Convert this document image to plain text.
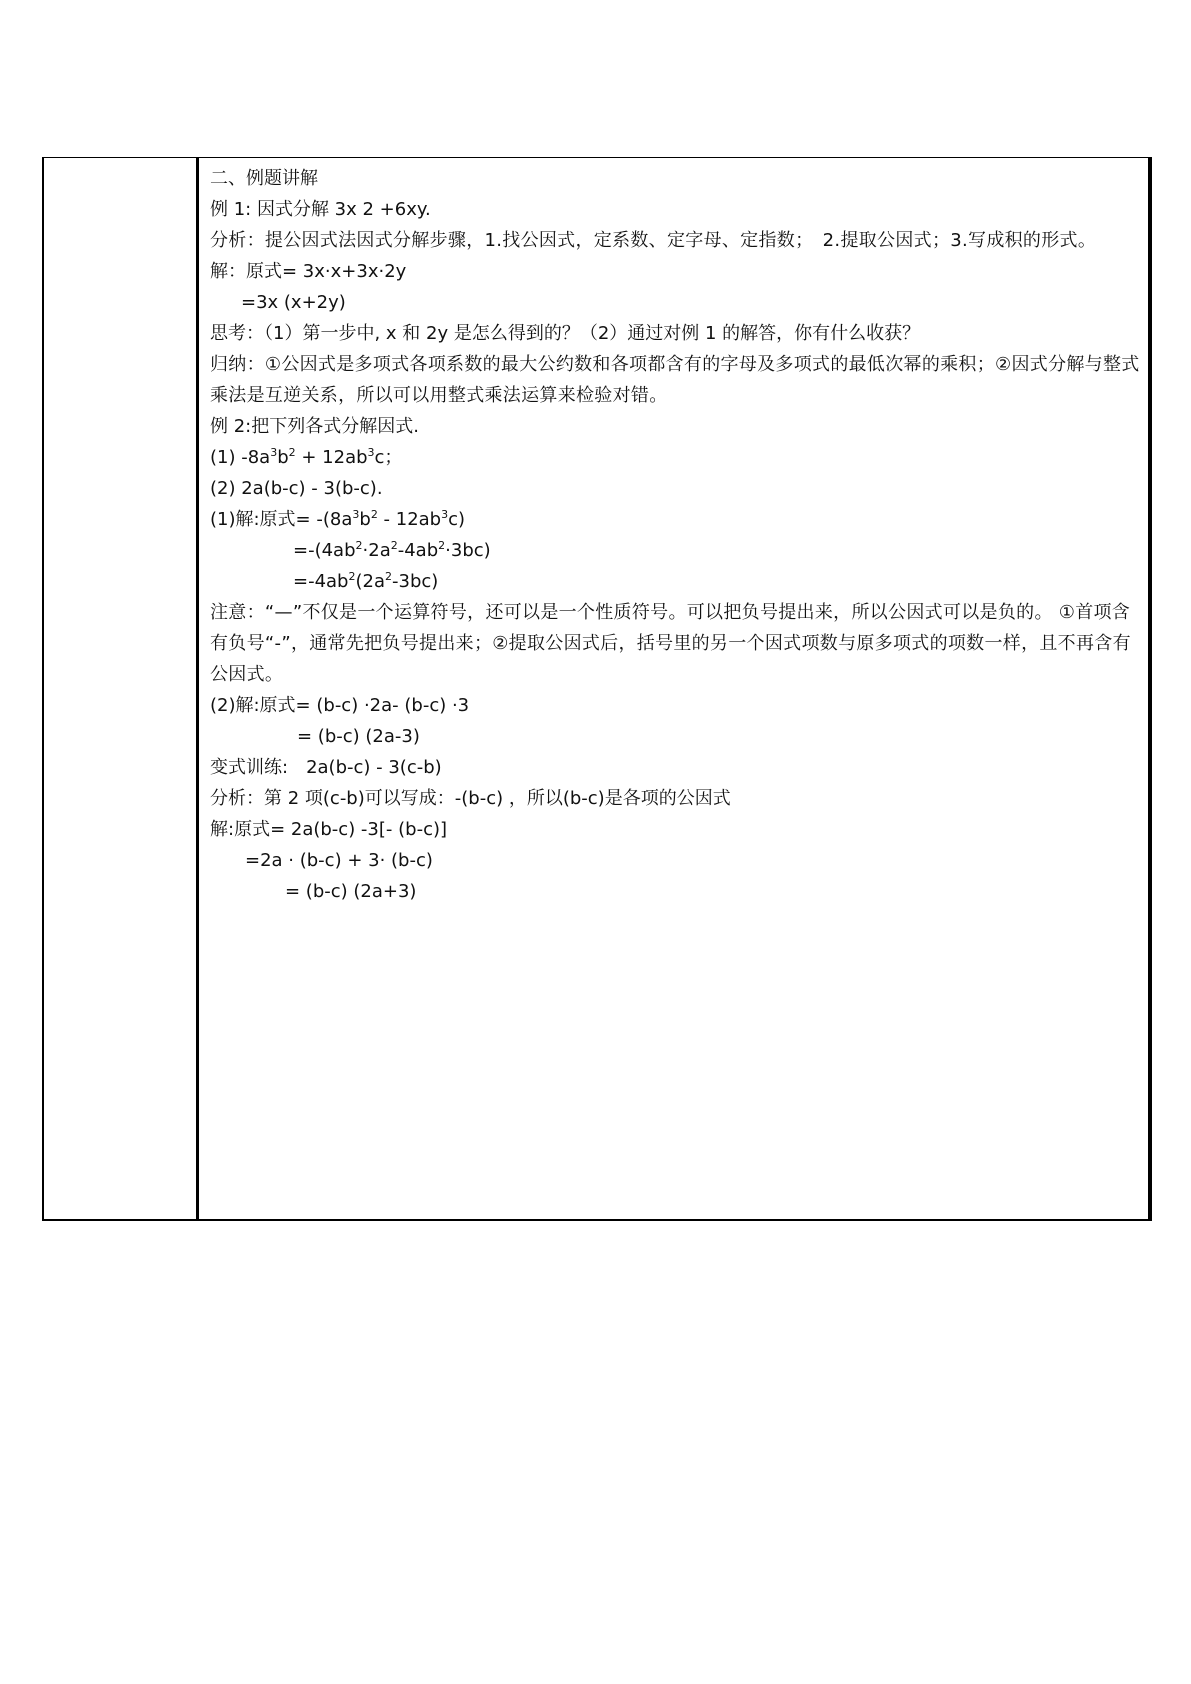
二、例题讲解
例 1: 因式分解 3x 2 +6xy.
分析：提公因式法因式分解步骤，1.找公因式，定系数、定字母、定指数；　2.提取公因式；3.写成积的形式。
解：原式= 3x·x+3x·2y
=3x (x+2y)
思考：（1）第一步中, x 和 2y 是怎么得到的？（2）通过对例 1 的解答，你有什么收获？
归纳：①公因式是多项式各项系数的最大公约数和各项都含有的字母及多项式的最低次幂的乘积；②因式分解与整式乘法是互逆关系，所以可以用整式乘法运算来检验对错。
例 2:把下列各式分解因式.
(1) $-8a^3b^2 + 12ab^3c$；
(2) 2a(b-c) - 3(b-c).
(1)解:原式= $-(8a^3b^2 - 12ab^3c)$
$=-(4ab^2\cdot 2a^2-4ab^2\cdot 3bc)$
$=-4ab^2(2a^2-3bc)$
注意：“—”不仅是一个运算符号，还可以是一个性质符号。可以把负号提出来，所以公因式可以是负的。 ①首项含有负号“-”，通常先把负号提出来；②提取公因式后，括号里的另一个因式项数与原多项式的项数一样，且不再含有公因式。
(2)解:原式= (b-c) ·2a- (b-c) ·3
= (b-c) (2a-3)
变式训练:　2a(b-c) - 3(c-b)
分析：第 2 项(c-b)可以写成：-(b-c) ，所以(b-c)是各项的公因式
解:原式= 2a(b-c) -3[- (b-c)]
=2a · (b-c) + 3· (b-c)
= (b-c) (2a+3)
